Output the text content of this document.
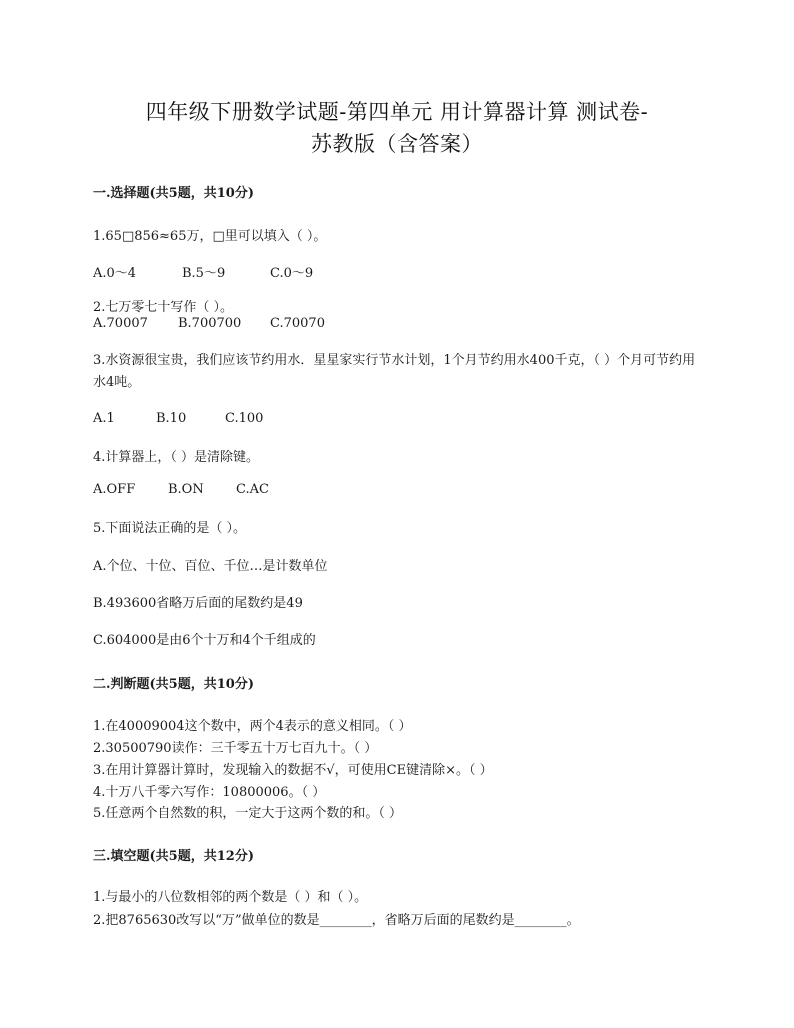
四年级下册数学试题-第四单元 用计算器计算 测试卷-
苏教版（含答案）
一.选择题(共5题，共10分)
1.65□856≈65万，□里可以填入（ ）。
A.0～4	B.5～9	C.0～9
2.七万零七十写作（ ）。
A.70007 B.700700 C.70070
3.水资源很宝贵，我们应该节约用水．星星家实行节水计划，1个月节约用水400千克，（ ）个月可节约用水4吨。
A.1	B.10	C.100
4.计算器上，（ ）是清除键。
A.OFF	B.ON C.AC
5.下面说法正确的是（ ）。
A.个位、十位、百位、千位…是计数单位
B.493600省略万后面的尾数约是49
C.604000是由6个十万和4个千组成的
二.判断题(共5题，共10分)
1.在40009004这个数中，两个4表示的意义相同。（ ）
2.30500790读作：三千零五十万七百九十。（ ）
3.在用计算器计算时，发现输入的数据不√，可使用CE键清除×。（ ）
4.十万八千零六写作：10800006。（ ）
5.任意两个自然数的积，一定大于这两个数的和。（ ）
三.填空题(共5题，共12分)
1.与最小的八位数相邻的两个数是（ ）和（ ）。
2.把8765630改写以“万”做单位的数是________，省略万后面的尾数约是________。
